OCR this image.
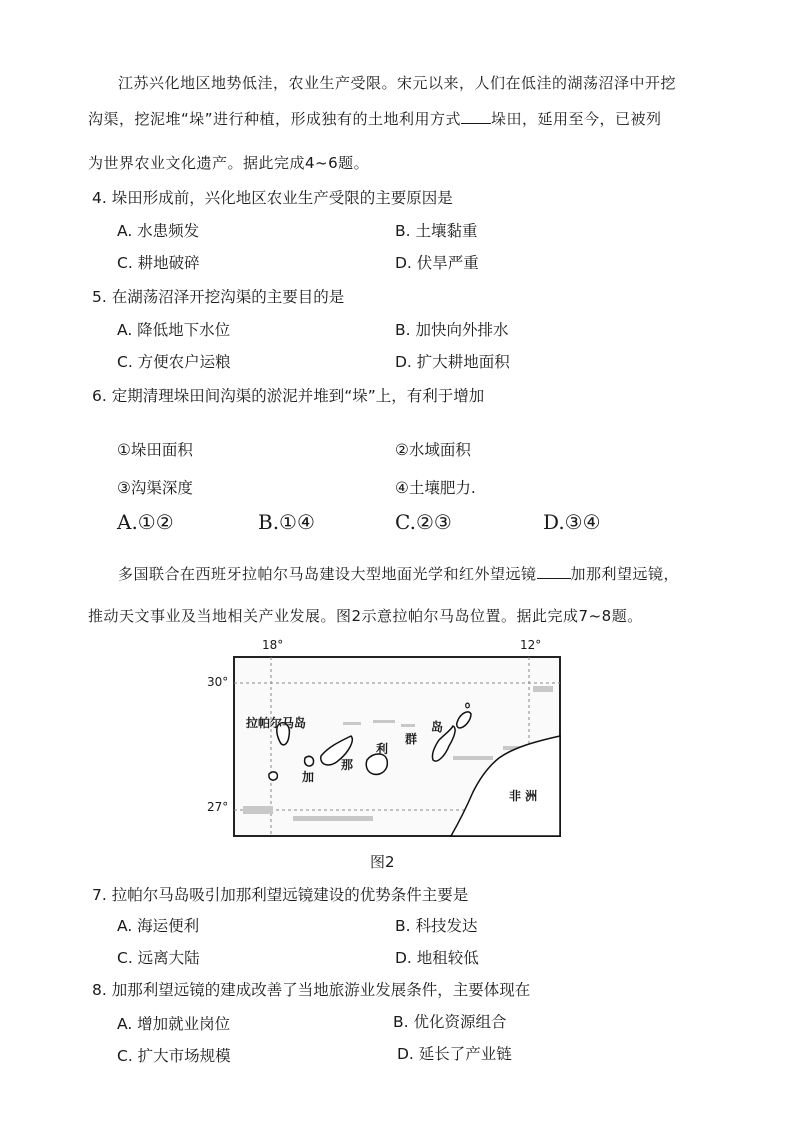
江苏兴化地区地势低洼，农业生产受限。宋元以来，人们在低洼的湖荡沼泽中开挖
沟渠，挖泥堆“垛”进行种植，形成独有的土地利用方式 垛田，延用至今，已被列
为世界农业文化遗产。据此完成4~6题。
4. 垛田形成前，兴化地区农业生产受限的主要原因是
A. 水患频发	B. 土壤黏重
C. 耕地破碎	D. 伏旱严重
5. 在湖荡沼泽开挖沟渠的主要目的是
A. 降低地下水位	B. 加快向外排水
C. 方便农户运粮	D. 扩大耕地面积
6. 定期清理垛田间沟渠的淤泥并堆到“垛”上，有利于增加
①垛田面积	②水域面积
③沟渠深度	④土壤肥力.
A.①②	B.①④	C.②③	D.③④
多国联合在西班牙拉帕尔马岛建设大型地面光学和红外望远镜 加那利望远镜，
推动天文事业及当地相关产业发展。图2示意拉帕尔马岛位置。据此完成7~8题。
18°	12°
30°
27°
拉帕尔马岛
加
那
利
群
岛
非 洲
图2
7. 拉帕尔马岛吸引加那利望远镜建设的优势条件主要是
A. 海运便利	B. 科技发达
C. 远离大陆	D. 地租较低
8. 加那利望远镜的建成改善了当地旅游业发展条件，主要体现在
A. 增加就业岗位	B. 优化资源组合
C. 扩大市场规模	D. 延长了产业链
